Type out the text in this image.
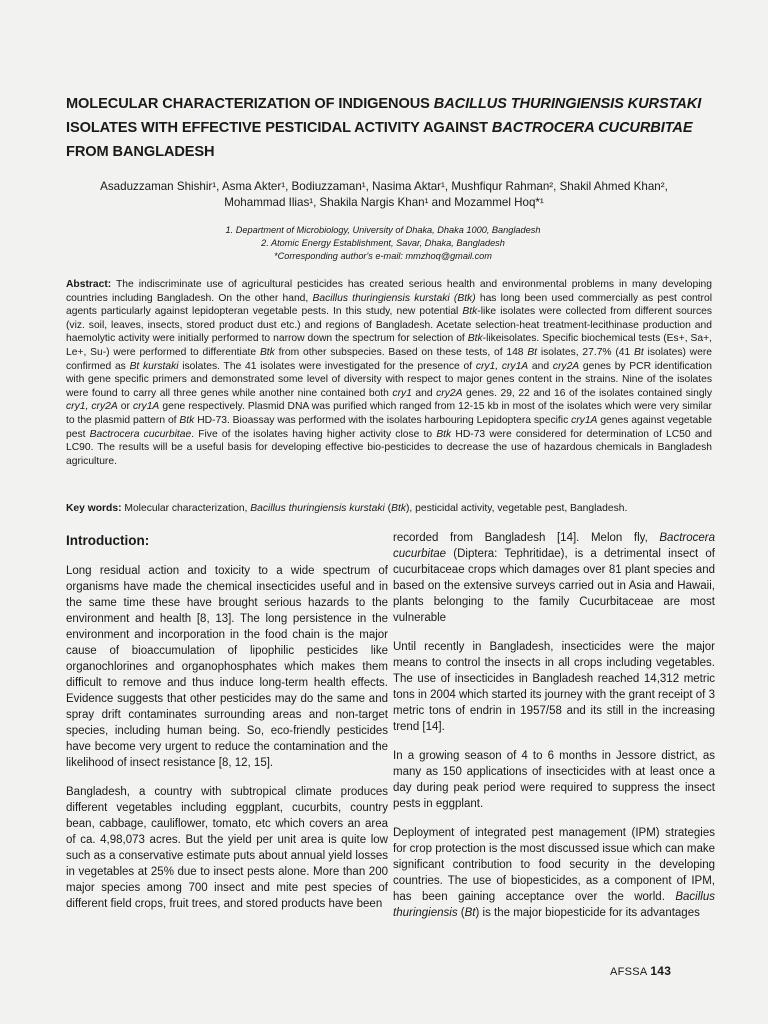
MOLECULAR CHARACTERIZATION OF INDIGENOUS BACILLUS THURINGIENSIS KURSTAKI ISOLATES WITH EFFECTIVE PESTICIDAL ACTIVITY AGAINST BACTROCERA CUCURBITAE FROM BANGLADESH
Asaduzzaman Shishir¹, Asma Akter¹, Bodiuzzaman¹, Nasima Aktar¹, Mushfiqur Rahman², Shakil Ahmed Khan², Mohammad Ilias¹, Shakila Nargis Khan¹ and Mozammel Hoq*¹
1. Department of Microbiology, University of Dhaka, Dhaka 1000, Bangladesh
2. Atomic Energy Establishment, Savar, Dhaka, Bangladesh
*Corresponding author's e-mail: mmzhoq@gmail.com
Abstract: The indiscriminate use of agricultural pesticides has created serious health and environmental problems in many developing countries including Bangladesh. On the other hand, Bacillus thuringiensis kurstaki (Btk) has long been used commercially as pest control agents particularly against lepidopteran vegetable pests. In this study, new potential Btk-like isolates were collected from different sources (viz. soil, leaves, insects, stored product dust etc.) and regions of Bangladesh. Acetate selection-heat treatment-lecithinase production and haemolytic activity were initially performed to narrow down the spectrum for selection of Btk-likeisolates. Specific biochemical tests (Es+, Sa+, Le+, Su-) were performed to differentiate Btk from other subspecies. Based on these tests, of 148 Bt isolates, 27.7% (41 Bt isolates) were confirmed as Bt kurstaki isolates. The 41 isolates were investigated for the presence of cry1, cry1A and cry2A genes by PCR identification with gene specific primers and demonstrated some level of diversity with respect to major genes content in the strains. Nine of the isolates were found to carry all three genes while another nine contained both cry1 and cry2A genes. 29, 22 and 16 of the isolates contained singly cry1, cry2A or cry1A gene respectively. Plasmid DNA was purified which ranged from 12-15 kb in most of the isolates which were very similar to the plasmid pattern of Btk HD-73. Bioassay was performed with the isolates harbouring Lepidoptera specific cry1A genes against vegetable pest Bactrocera cucurbitae. Five of the isolates having higher activity close to Btk HD-73 were considered for determination of LC50 and LC90. The results will be a useful basis for developing effective bio-pesticides to decrease the use of hazardous chemicals in Bangladesh agriculture.
Key words: Molecular characterization, Bacillus thuringiensis kurstaki (Btk), pesticidal activity, vegetable pest, Bangladesh.
Introduction:

Long residual action and toxicity to a wide spectrum of organisms have made the chemical insecticides useful and in the same time these have brought serious hazards to the environment and health [8, 13]. The long persistence in the environment and incorporation in the food chain is the major cause of bioaccumulation of lipophilic pesticides like organochlorines and organophosphates which makes them difficult to remove and thus induce long-term health effects. Evidence suggests that other pesticides may do the same and spray drift contaminates surrounding areas and non-target species, including human being. So, eco-friendly pesticides have become very urgent to reduce the contamination and the likelihood of insect resistance [8, 12, 15].

Bangladesh, a country with subtropical climate produces different vegetables including eggplant, cucurbits, country bean, cabbage, cauliflower, tomato, etc which covers an area of ca. 4,98,073 acres. But the yield per unit area is quite low such as a conservative estimate puts about annual yield losses in vegetables at 25% due to insect pests alone. More than 200 major species among 700 insect and mite pest species of different field crops, fruit trees, and stored products have been

recorded from Bangladesh [14]. Melon fly, Bactrocera cucurbitae (Diptera: Tephritidae), is a detrimental insect of cucurbitaceae crops which damages over 81 plant species and based on the extensive surveys carried out in Asia and Hawaii, plants belonging to the family Cucurbitaceae are most vulnerable

Until recently in Bangladesh, insecticides were the major means to control the insects in all crops including vegetables. The use of insecticides in Bangladesh reached 14,312 metric tons in 2004 which started its journey with the grant receipt of 3 metric tons of endrin in 1957/58 and its still in the increasing trend [14].

In a growing season of 4 to 6 months in Jessore district, as many as 150 applications of insecticides with at least once a day during peak period were required to suppress the insect pests in eggplant.

Deployment of integrated pest management (IPM) strategies for crop protection is the most discussed issue which can make significant contribution to food security in the developing countries. The use of biopesticides, as a component of IPM, has been gaining acceptance over the world. Bacillus thuringiensis (Bt) is the major biopesticide for its advantages

AFSSA 143
